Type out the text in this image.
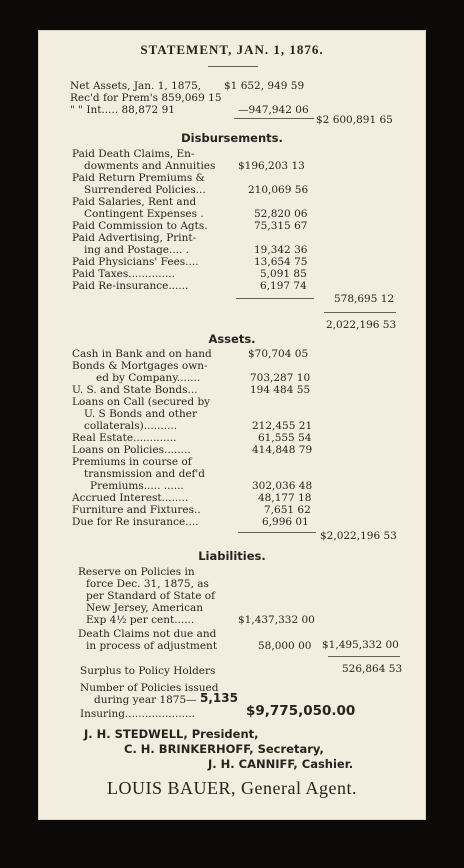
STATEMENT, JAN. 1, 1876.
Net Assets, Jan. 1, 1875, $1 652, 949 59
Rec'd for Prem's 859,069 15
" " Int..... 88,872 91	—947,942 06
$2 600,891 65
Disbursements.
Paid Death Claims, En-
dowments and Annuities $196,203 13
Paid Return Premiums &
Surrendered Policies...	210,069 56
Paid Salaries, Rent and
Contingent Expenses .	52,820 06
Paid Commission to Agts.	75,315 67
Paid Advertising, Print-
ing and Postage.... .	19,342 36
Paid Physicians' Fees....	13,654 75
Paid Taxes..............	5,091 85
Paid Re-insurance......	6,197 74
578,695 12
2,022,196 53
Assets.
Cash in Bank and on hand	$70,704 05
Bonds & Mortgages own-
ed by Company.......	703,287 10
U. S. and State Bonds...	194 484 55
Loans on Call (secured by
U. S Bonds and other
collaterals)..........	212,455 21
Real Estate.............	61,555 54
Loans on Policies........	414,848 79
Premiums in course of
transmission and def'd
Premiums..... ......	302,036 48
Accrued Interest........	48,177 18
Furniture and Fixtures..	7,651 62
Due for Re insurance....	6,996 01
$2,022,196 53
Liabilities.
Reserve on Policies in
force Dec. 31, 1875, as
per Standard of State of
New Jersey, American
Exp 4½ per cent......	$1,437,332 00
Death Claims not due and
in process of adjustment	58,000 00 $1,495,332 00
Surplus to Policy Holders	526,864 53
Number of Policies issued
during year 1875— 5,135
Insuring.....................	$9,775,050.00
J. H. STEDWELL, President,
C. H. BRINKERHOFF, Secretary,
J. H. CANNIFF, Cashier.
LOUIS BAUER, General Agent.
